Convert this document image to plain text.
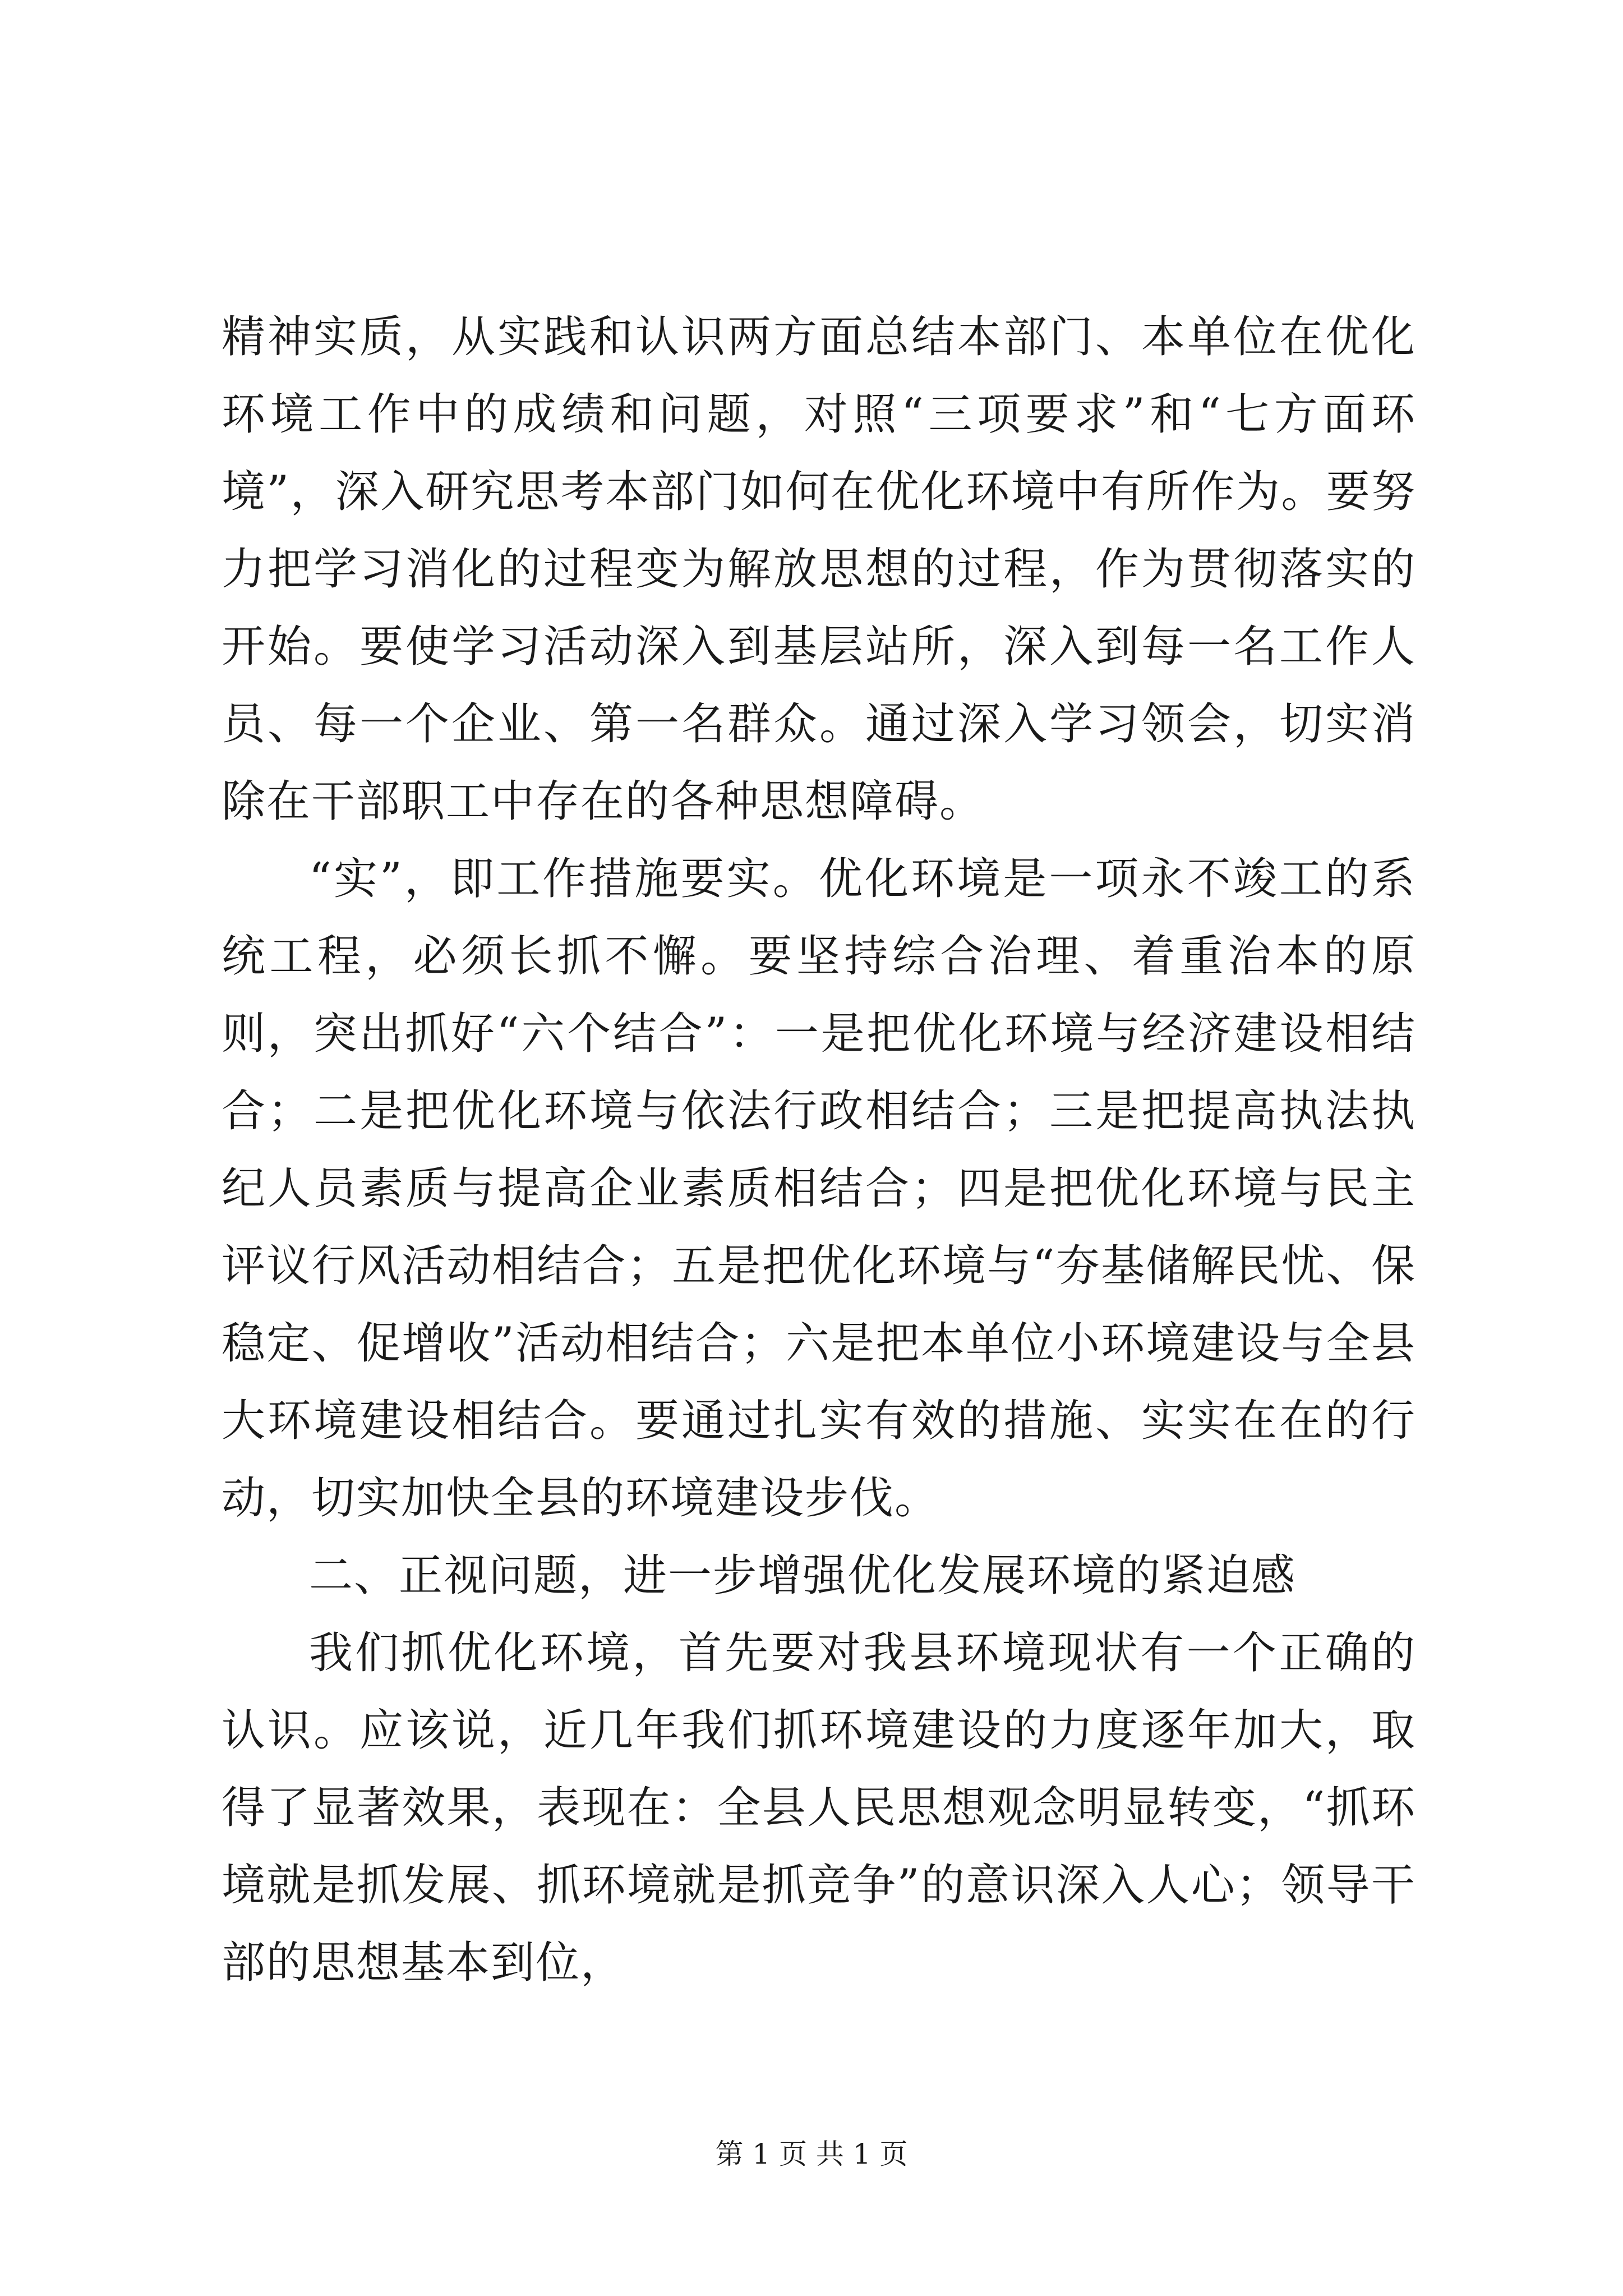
精神实质，从实践和认识两方面总结本部门、本单位在优化环境工作中的成绩和问题，对照“三项要求”和“七方面环境”，深入研究思考本部门如何在优化环境中有所作为。要努力把学习消化的过程变为解放思想的过程，作为贯彻落实的开始。要使学习活动深入到基层站所，深入到每一名工作人员、每一个企业、第一名群众。通过深入学习领会，切实消除在干部职工中存在的各种思想障碍。

“实”，即工作措施要实。优化环境是一项永不竣工的系统工程，必须长抓不懈。要坚持综合治理、着重治本的原则，突出抓好“六个结合”：一是把优化环境与经济建设相结合；二是把优化环境与依法行政相结合；三是把提高执法执纪人员素质与提高企业素质相结合；四是把优化环境与民主评议行风活动相结合；五是把优化环境与“夯基储解民忧、保稳定、促增收”活动相结合；六是把本单位小环境建设与全县大环境建设相结合。要通过扎实有效的措施、实实在在的行动，切实加快全县的环境建设步伐。

二、正视问题，进一步增强优化发展环境的紧迫感

我们抓优化环境，首先要对我县环境现状有一个正确的认识。应该说，近几年我们抓环境建设的力度逐年加大，取得了显著效果，表现在：全县人民思想观念明显转变，“抓环境就是抓发展、抓环境就是抓竞争”的意识深入人心；领导干部的思想基本到位，

第 1 页 共 1 页
